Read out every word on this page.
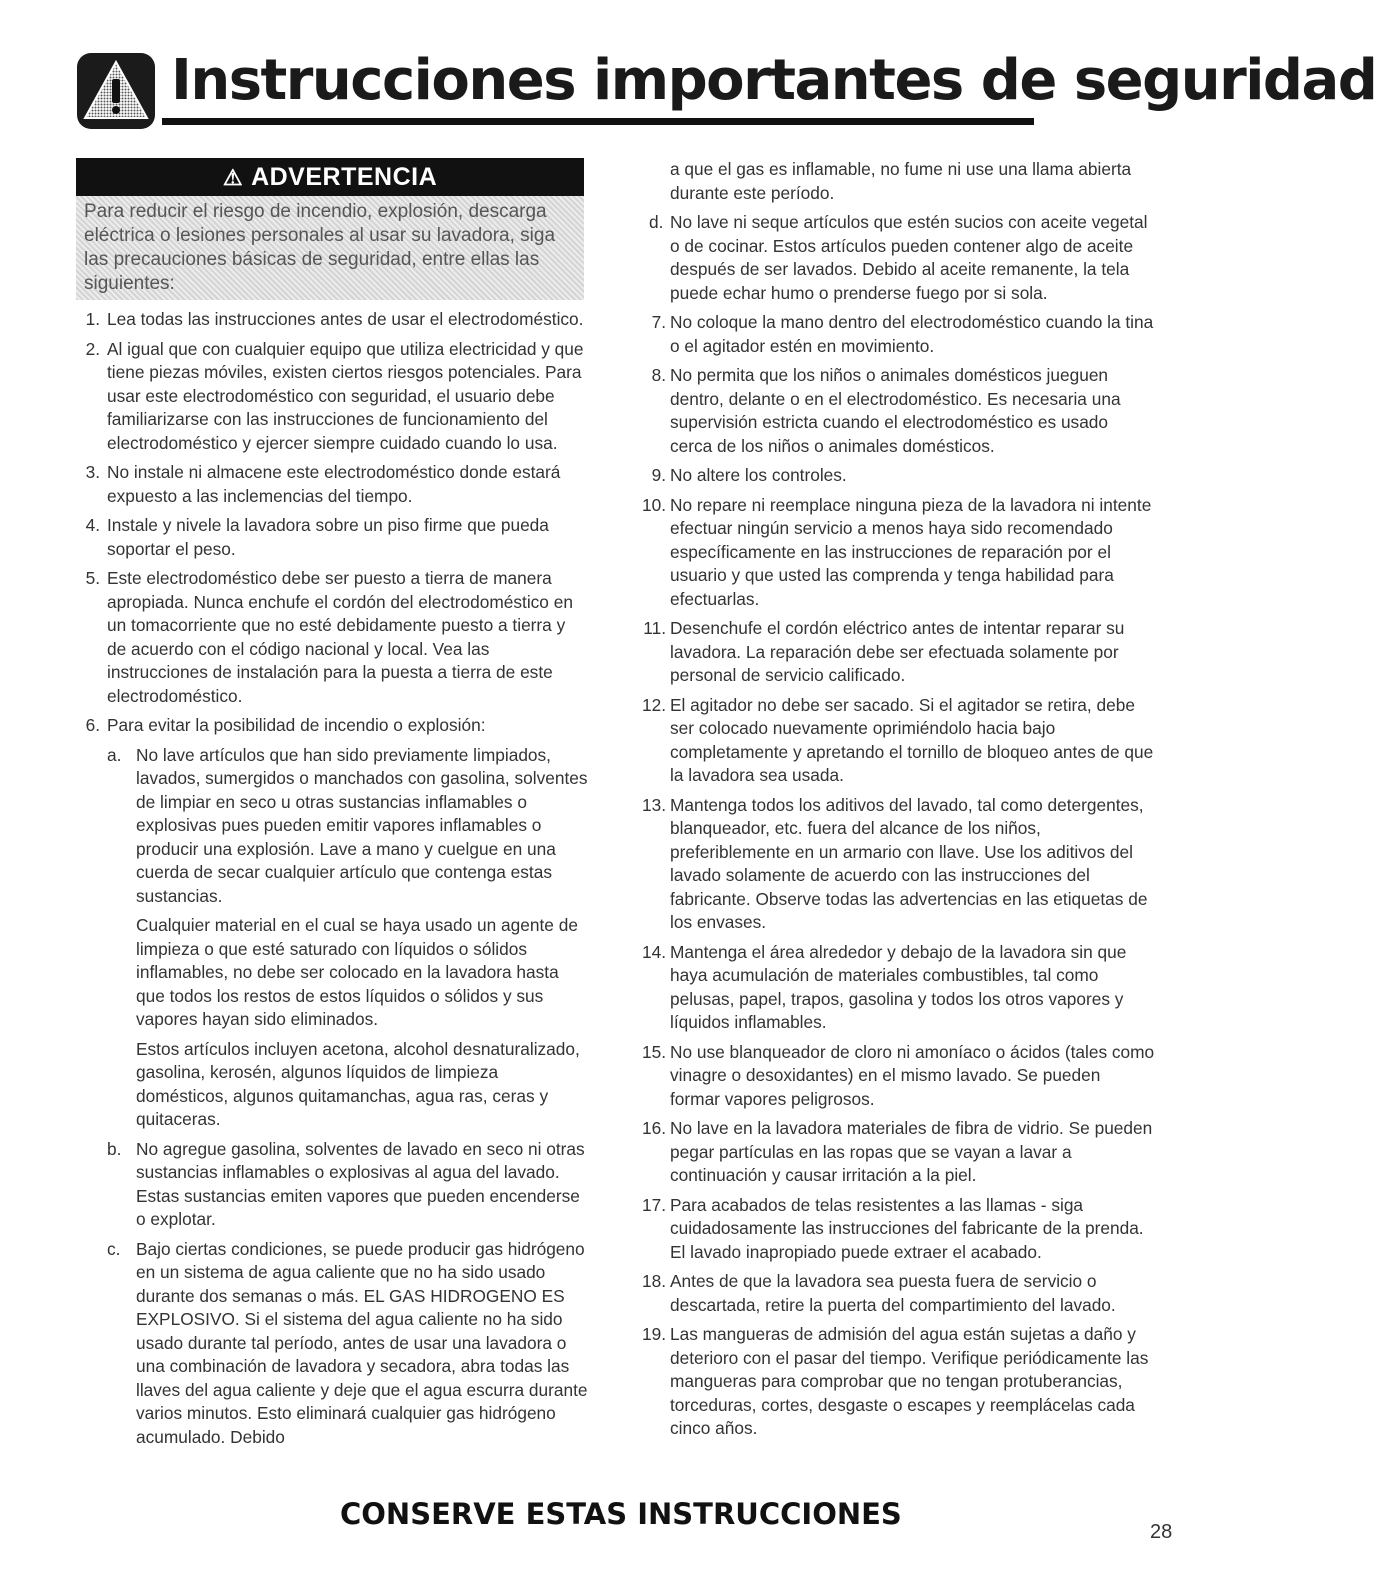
Instrucciones importantes de seguridad
⚠ ADVERTENCIA
Para reducir el riesgo de incendio, explosión, descarga eléctrica o lesiones personales al usar su lavadora, siga las precauciones básicas de seguridad, entre ellas las siguientes:
1. Lea todas las instrucciones antes de usar el electrodoméstico.
2. Al igual que con cualquier equipo que utiliza electricidad y que tiene piezas móviles, existen ciertos riesgos potenciales. Para usar este electrodoméstico con seguridad, el usuario debe familiarizarse con las instrucciones de funcionamiento del electrodoméstico y ejercer siempre cuidado cuando lo usa.
3. No instale ni almacene este electrodoméstico donde estará expuesto a las inclemencias del tiempo.
4. Instale y nivele la lavadora sobre un piso firme que pueda soportar el peso.
5. Este electrodoméstico debe ser puesto a tierra de manera apropiada. Nunca enchufe el cordón del electrodoméstico en un tomacorriente que no esté debidamente puesto a tierra y de acuerdo con el código nacional y local. Vea las instrucciones de instalación para la puesta a tierra de este electrodoméstico.
6. Para evitar la posibilidad de incendio o explosión:
a. No lave artículos que han sido previamente limpiados, lavados, sumergidos o manchados con gasolina, solventes de limpiar en seco u otras sustancias inflamables o explosivas pues pueden emitir vapores inflamables o producir una explosión. Lave a mano y cuelgue en una cuerda de secar cualquier artículo que contenga estas sustancias.
Cualquier material en el cual se haya usado un agente de limpieza o que esté saturado con líquidos o sólidos inflamables, no debe ser colocado en la lavadora hasta que todos los restos de estos líquidos o sólidos y sus vapores hayan sido eliminados.
Estos artículos incluyen acetona, alcohol desnaturalizado, gasolina, kerosén, algunos líquidos de limpieza domésticos, algunos quitamanchas, agua ras, ceras y quitaceras.
b. No agregue gasolina, solventes de lavado en seco ni otras sustancias inflamables o explosivas al agua del lavado. Estas sustancias emiten vapores que pueden encenderse o explotar.
c. Bajo ciertas condiciones, se puede producir gas hidrógeno en un sistema de agua caliente que no ha sido usado durante dos semanas o más. EL GAS HIDROGENO ES EXPLOSIVO. Si el sistema del agua caliente no ha sido usado durante tal período, antes de usar una lavadora o una combinación de lavadora y secadora, abra todas las llaves del agua caliente y deje que el agua escurra durante varios minutos. Esto eliminará cualquier gas hidrógeno acumulado. Debido
a que el gas es inflamable, no fume ni use una llama abierta durante este período.
d. No lave ni seque artículos que estén sucios con aceite vegetal o de cocinar. Estos artículos pueden contener algo de aceite después de ser lavados. Debido al aceite remanente, la tela puede echar humo o prenderse fuego por si sola.
7. No coloque la mano dentro del electrodoméstico cuando la tina o el agitador estén en movimiento.
8. No permita que los niños o animales domésticos jueguen dentro, delante o en el electrodoméstico. Es necesaria una supervisión estricta cuando el electrodoméstico es usado cerca de los niños o animales domésticos.
9. No altere los controles.
10. No repare ni reemplace ninguna pieza de la lavadora ni intente efectuar ningún servicio a menos haya sido recomendado específicamente en las instrucciones de reparación por el usuario y que usted las comprenda y tenga habilidad para efectuarlas.
11. Desenchufe el cordón eléctrico antes de intentar reparar su lavadora. La reparación debe ser efectuada solamente por personal de servicio calificado.
12. El agitador no debe ser sacado. Si el agitador se retira, debe ser colocado nuevamente oprimiéndolo hacia bajo completamente y apretando el tornillo de bloqueo antes de que la lavadora sea usada.
13. Mantenga todos los aditivos del lavado, tal como detergentes, blanqueador, etc. fuera del alcance de los niños, preferiblemente en un armario con llave. Use los aditivos del lavado solamente de acuerdo con las instrucciones del fabricante. Observe todas las advertencias en las etiquetas de los envases.
14. Mantenga el área alrededor y debajo de la lavadora sin que haya acumulación de materiales combustibles, tal como pelusas, papel, trapos, gasolina y todos los otros vapores y líquidos inflamables.
15. No use blanqueador de cloro ni amoníaco o ácidos (tales como vinagre o desoxidantes) en el mismo lavado. Se pueden formar vapores peligrosos.
16. No lave en la lavadora materiales de fibra de vidrio. Se pueden pegar partículas en las ropas que se vayan a lavar a continuación y causar irritación a la piel.
17. Para acabados de telas resistentes a las llamas - siga cuidadosamente las instrucciones del fabricante de la prenda. El lavado inapropiado puede extraer el acabado.
18. Antes de que la lavadora sea puesta fuera de servicio o descartada, retire la puerta del compartimiento del lavado.
19. Las mangueras de admisión del agua están sujetas a daño y deterioro con el pasar del tiempo. Verifique periódicamente las mangueras para comprobar que no tengan protuberancias, torceduras, cortes, desgaste o escapes y reemplácelas cada cinco años.
CONSERVE ESTAS INSTRUCCIONES
28
